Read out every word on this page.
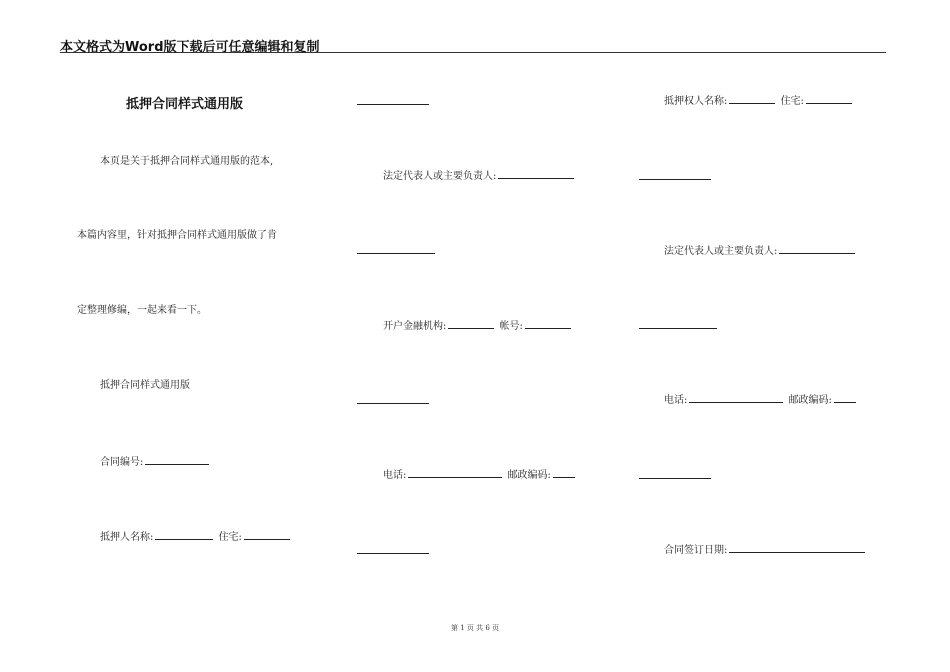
本文格式为Word版下载后可任意编辑和复制
抵押合同样式通用版
本页是关于抵押合同样式通用版的范本,
本篇内容里，针对抵押合同样式通用版做了肯
定整理修编，一起来看一下。
抵押合同样式通用版
合同编号:
抵押人名称:	住宅:
法定代表人或主要负责人:
开户金融机构:	帐号:
电话:	邮政编码:
抵押权人名称:	住宅:
法定代表人或主要负责人:
电话:	邮政编码:
合同签订日期:
第 1 页 共 6 页
